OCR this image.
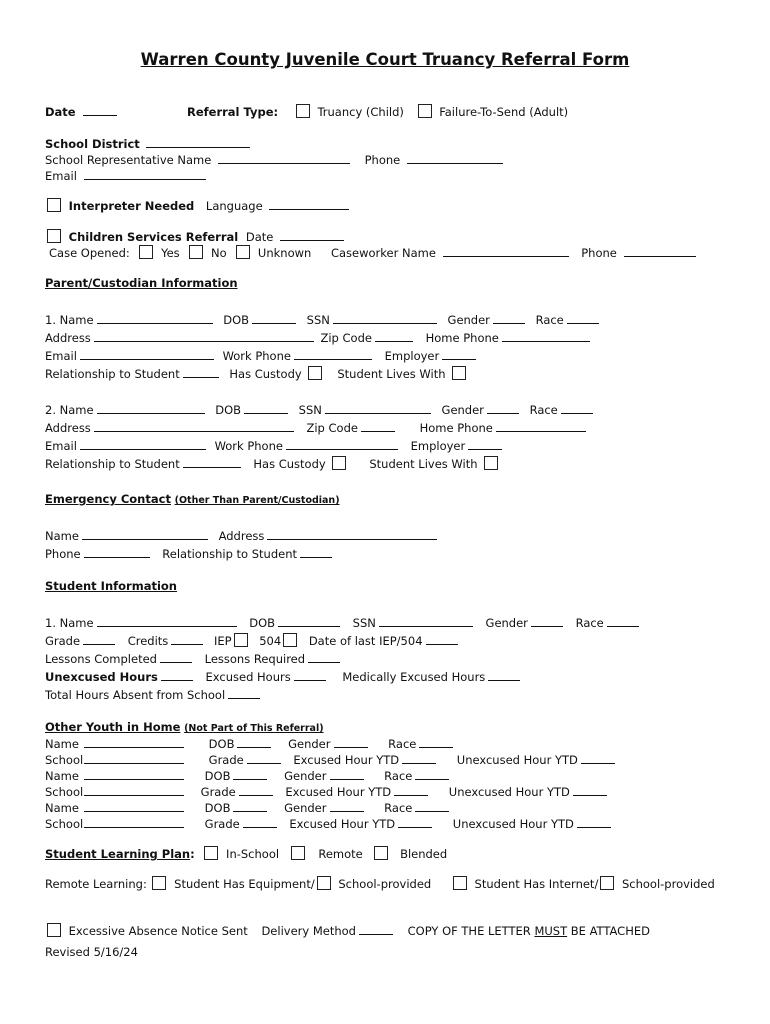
Warren County Juvenile Court Truancy Referral Form
Date	Referral Type:	Truancy (Child)	Failure-To-Send (Adult)
School District
School Representative Name	Phone
Email
Interpreter Needed Language
Children Services Referral Date
Case Opened:	Yes	No	Unknown Caseworker Name	Phone
Parent/Custodian Information
1. Name	DOB	SSN	Gender	Race
Address	Zip Code	Home Phone
Email	Work Phone	Employer
Relationship to Student	Has Custody	Student Lives With
2. Name	DOB	SSN	Gender	Race
Address	Zip Code	Home Phone
Email	Work Phone	Employer
Relationship to Student	Has Custody	Student Lives With
Emergency Contact (Other Than Parent/Custodian)
Name	Address
Phone	Relationship to Student
Student Information
1. Name	DOB	SSN	Gender	Race
Grade	Credits	IEP 504 Date of last IEP/504
Lessons Completed	Lessons Required
Unexcused Hours	Excused Hours	Medically Excused Hours
Total Hours Absent from School
Other Youth in Home (Not Part of This Referral)
Name	DOB	Gender	Race
School	Grade	Excused Hour YTD	Unexcused Hour YTD
Name	DOB	Gender	Race
School	Grade	Excused Hour YTD	Unexcused Hour YTD
Name	DOB	Gender	Race
School	Grade	Excused Hour YTD	Unexcused Hour YTD
Student Learning Plan:	In-School	Remote	Blended
Remote Learning: Student Has Equipment/ School-provided	Student Has Internet/ School-provided
Excessive Absence Notice Sent Delivery Method	COPY OF THE LETTER MUST BE ATTACHED
Revised 5/16/24
